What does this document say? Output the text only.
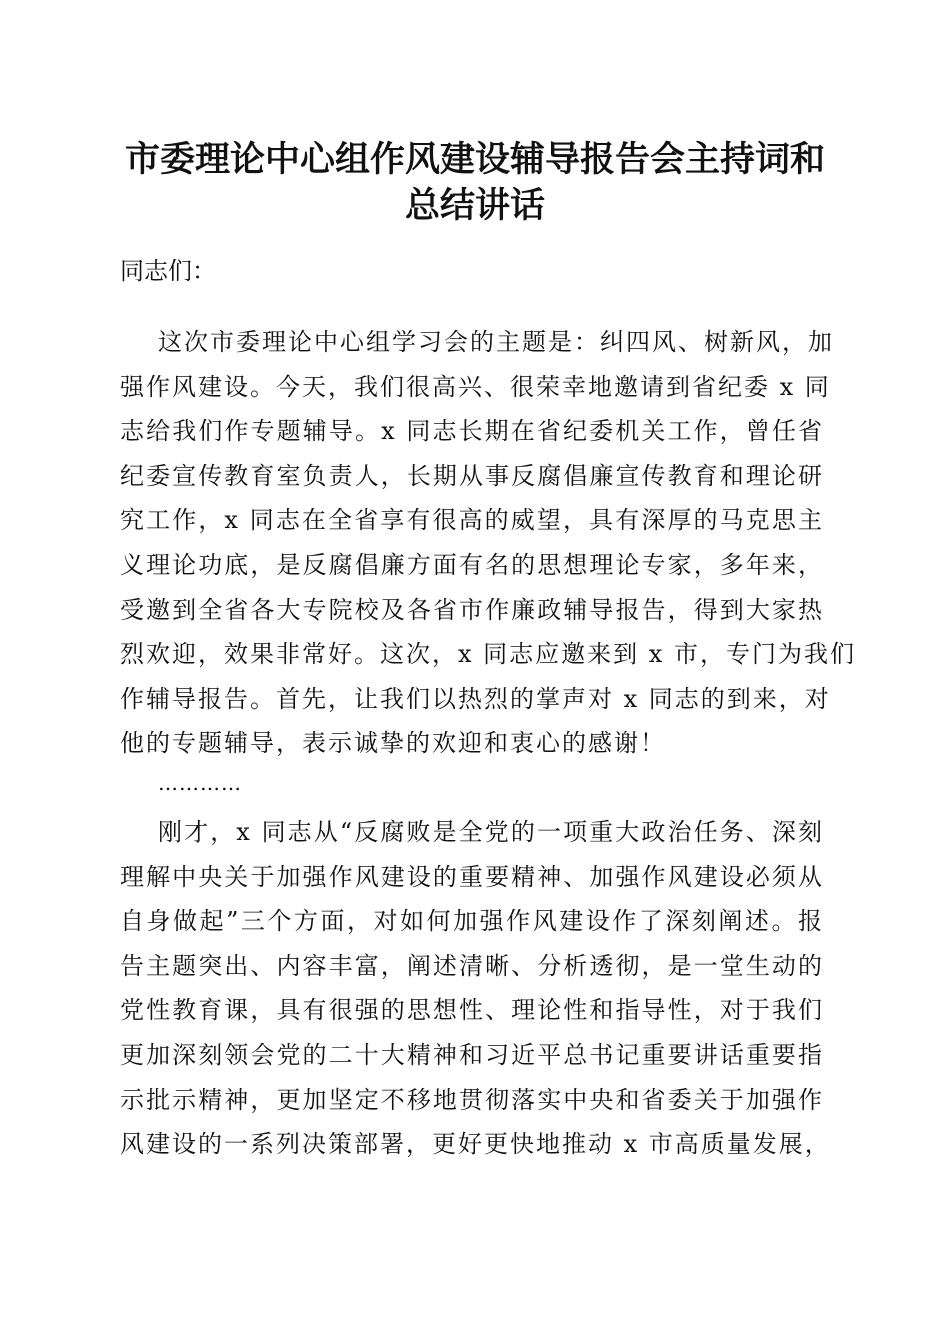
市委理论中心组作风建设辅导报告会主持词和
总结讲话
同志们：
这次市委理论中心组学习会的主题是：纠四风、树新风，加
强作风建设。今天，我们很高兴、很荣幸地邀请到省纪委 x 同
志给我们作专题辅导。x 同志长期在省纪委机关工作，曾任省
纪委宣传教育室负责人，长期从事反腐倡廉宣传教育和理论研
究工作，x 同志在全省享有很高的威望，具有深厚的马克思主
义理论功底，是反腐倡廉方面有名的思想理论专家，多年来，
受邀到全省各大专院校及各省市作廉政辅导报告，得到大家热
烈欢迎，效果非常好。这次，x 同志应邀来到 x 市，专门为我们
作辅导报告。首先，让我们以热烈的掌声对 x 同志的到来，对
他的专题辅导，表示诚挚的欢迎和衷心的感谢！
…………
刚才，x 同志从“反腐败是全党的一项重大政治任务、深刻
理解中央关于加强作风建设的重要精神、加强作风建设必须从
自身做起”三个方面，对如何加强作风建设作了深刻阐述。报
告主题突出、内容丰富，阐述清晰、分析透彻，是一堂生动的
党性教育课，具有很强的思想性、理论性和指导性，对于我们
更加深刻领会党的二十大精神和习近平总书记重要讲话重要指
示批示精神，更加坚定不移地贯彻落实中央和省委关于加强作
风建设的一系列决策部署，更好更快地推动 x 市高质量发展，
